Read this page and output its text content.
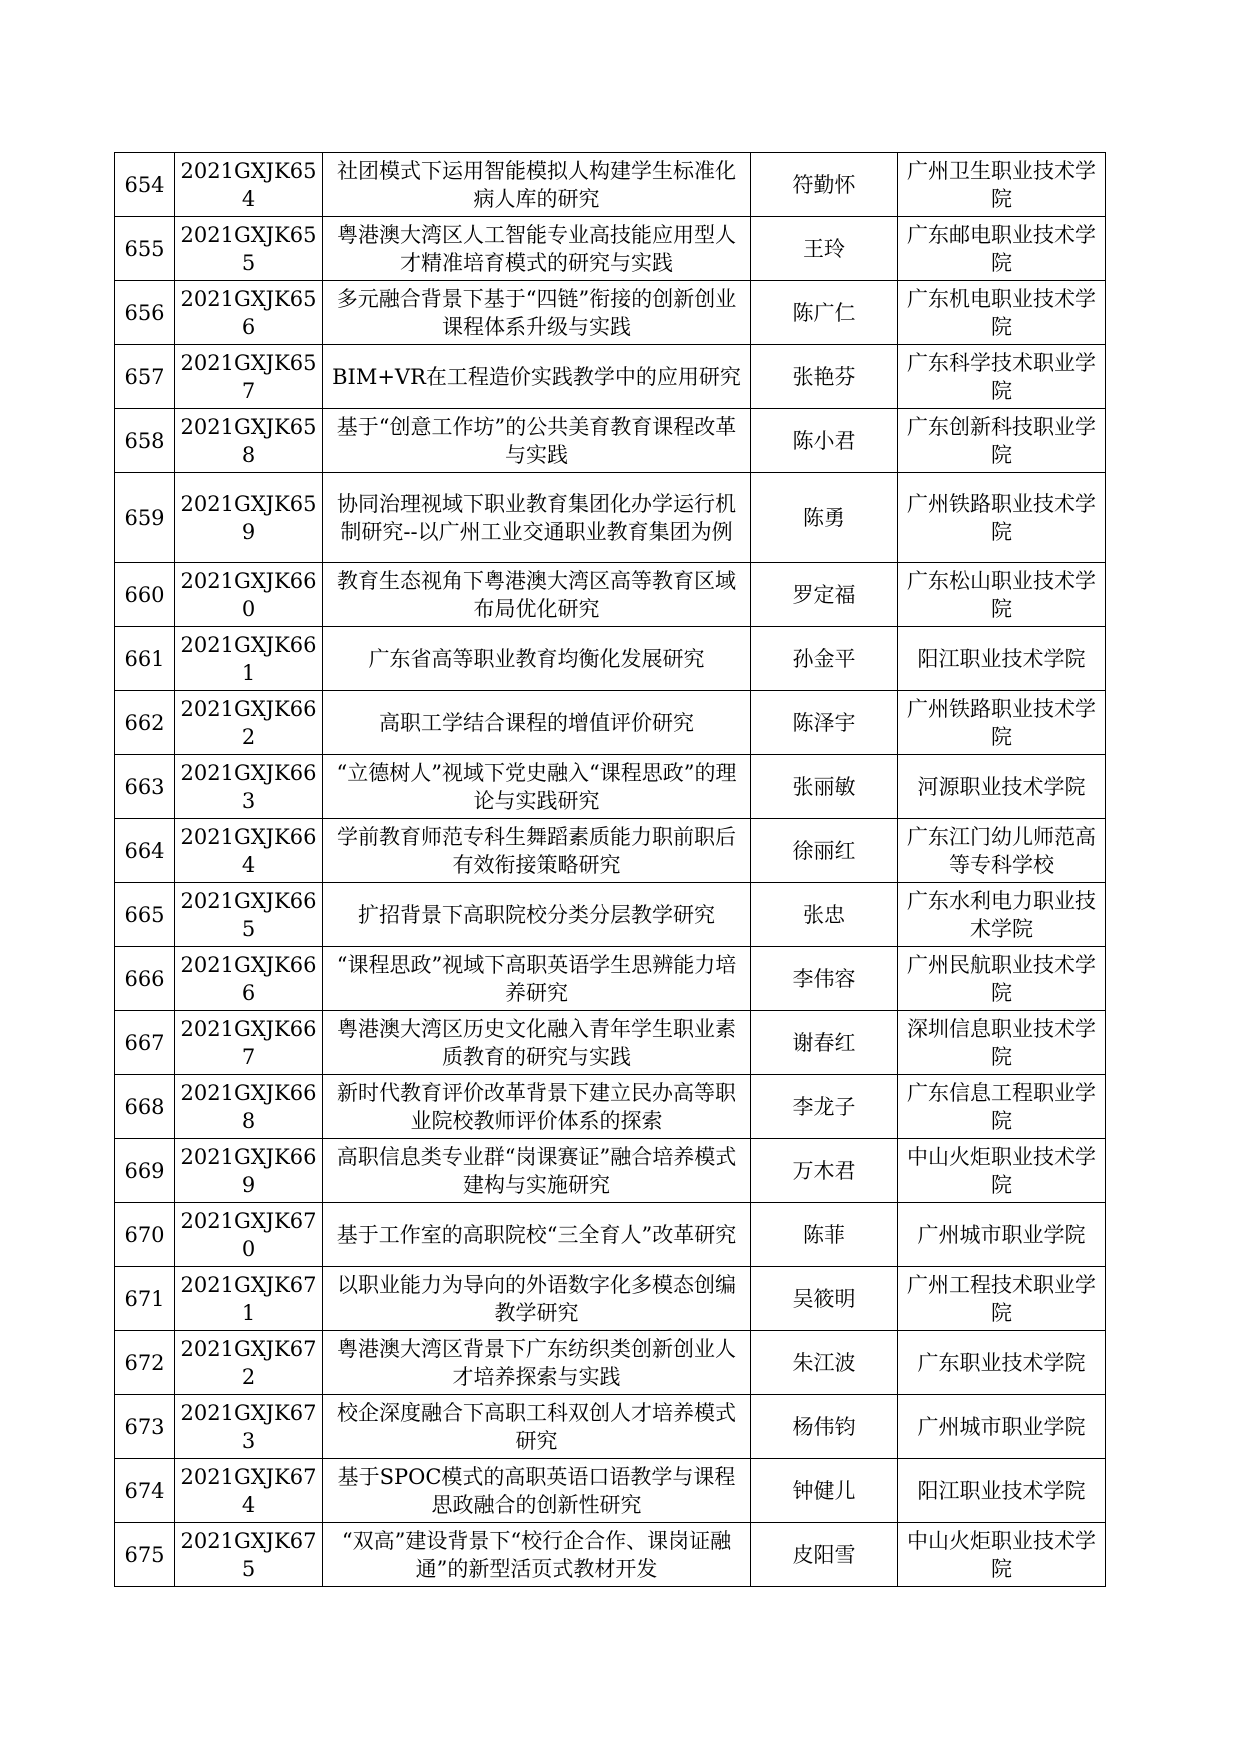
654	2021GXJK654	社团模式下运用智能模拟人构建学生标准化病人库的研究	符勤怀	广州卫生职业技术学院
655	2021GXJK655	粤港澳大湾区人工智能专业高技能应用型人才精准培育模式的研究与实践	王玲	广东邮电职业技术学院
656	2021GXJK656	多元融合背景下基于“四链”衔接的创新创业课程体系升级与实践	陈广仁	广东机电职业技术学院
657	2021GXJK657	BIM+VR在工程造价实践教学中的应用研究	张艳芬	广东科学技术职业学院
658	2021GXJK658	基于“创意工作坊”的公共美育教育课程改革与实践	陈小君	广东创新科技职业学院
659	2021GXJK659	协同治理视域下职业教育集团化办学运行机制研究--以广州工业交通职业教育集团为例	陈勇	广州铁路职业技术学院
660	2021GXJK660	教育生态视角下粤港澳大湾区高等教育区域布局优化研究	罗定福	广东松山职业技术学院
661	2021GXJK661	广东省高等职业教育均衡化发展研究	孙金平	阳江职业技术学院
662	2021GXJK662	高职工学结合课程的增值评价研究	陈泽宇	广州铁路职业技术学院
663	2021GXJK663	“立德树人”视域下党史融入“课程思政”的理论与实践研究	张丽敏	河源职业技术学院
664	2021GXJK664	学前教育师范专科生舞蹈素质能力职前职后有效衔接策略研究	徐丽红	广东江门幼儿师范高等专科学校
665	2021GXJK665	扩招背景下高职院校分类分层教学研究	张忠	广东水利电力职业技术学院
666	2021GXJK666	“课程思政”视域下高职英语学生思辨能力培养研究	李伟容	广州民航职业技术学院
667	2021GXJK667	粤港澳大湾区历史文化融入青年学生职业素质教育的研究与实践	谢春红	深圳信息职业技术学院
668	2021GXJK668	新时代教育评价改革背景下建立民办高等职业院校教师评价体系的探索	李龙子	广东信息工程职业学院
669	2021GXJK669	高职信息类专业群“岗课赛证”融合培养模式建构与实施研究	万木君	中山火炬职业技术学院
670	2021GXJK670	基于工作室的高职院校“三全育人”改革研究	陈菲	广州城市职业学院
671	2021GXJK671	以职业能力为导向的外语数字化多模态创编教学研究	吴筱明	广州工程技术职业学院
672	2021GXJK672	粤港澳大湾区背景下广东纺织类创新创业人才培养探索与实践	朱江波	广东职业技术学院
673	2021GXJK673	校企深度融合下高职工科双创人才培养模式研究	杨伟钧	广州城市职业学院
674	2021GXJK674	基于SPOC模式的高职英语口语教学与课程思政融合的创新性研究	钟健儿	阳江职业技术学院
675	2021GXJK675	“双高”建设背景下“校行企合作、课岗证融通”的新型活页式教材开发	皮阳雪	中山火炬职业技术学院
